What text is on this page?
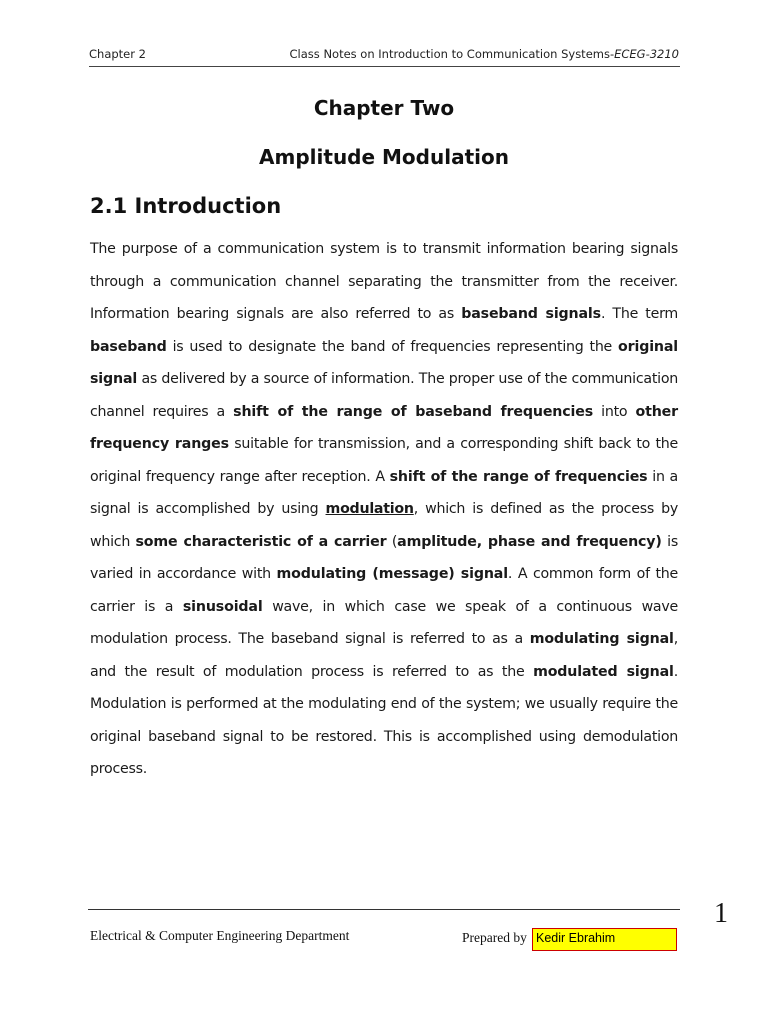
Chapter 2	Class Notes on Introduction to Communication Systems-ECEG-3210
Chapter Two
Amplitude Modulation
2.1 Introduction
The purpose of a communication system is to transmit information bearing signals through a communication channel separating the transmitter from the receiver. Information bearing signals are also referred to as baseband signals. The term baseband is used to designate the band of frequencies representing the original signal as delivered by a source of information. The proper use of the communication channel requires a shift of the range of baseband frequencies into other frequency ranges suitable for transmission, and a corresponding shift back to the original frequency range after reception. A shift of the range of frequencies in a signal is accomplished by using modulation, which is defined as the process by which some characteristic of a carrier (amplitude, phase and frequency) is varied in accordance with modulating (message) signal. A common form of the carrier is a sinusoidal wave, in which case we speak of a continuous wave modulation process. The baseband signal is referred to as a modulating signal, and the result of modulation process is referred to as the modulated signal. Modulation is performed at the modulating end of the system; we usually require the original baseband signal to be restored. This is accomplished using demodulation process.
1
Electrical & Computer Engineering Department	Prepared by Kedir Ebrahim
